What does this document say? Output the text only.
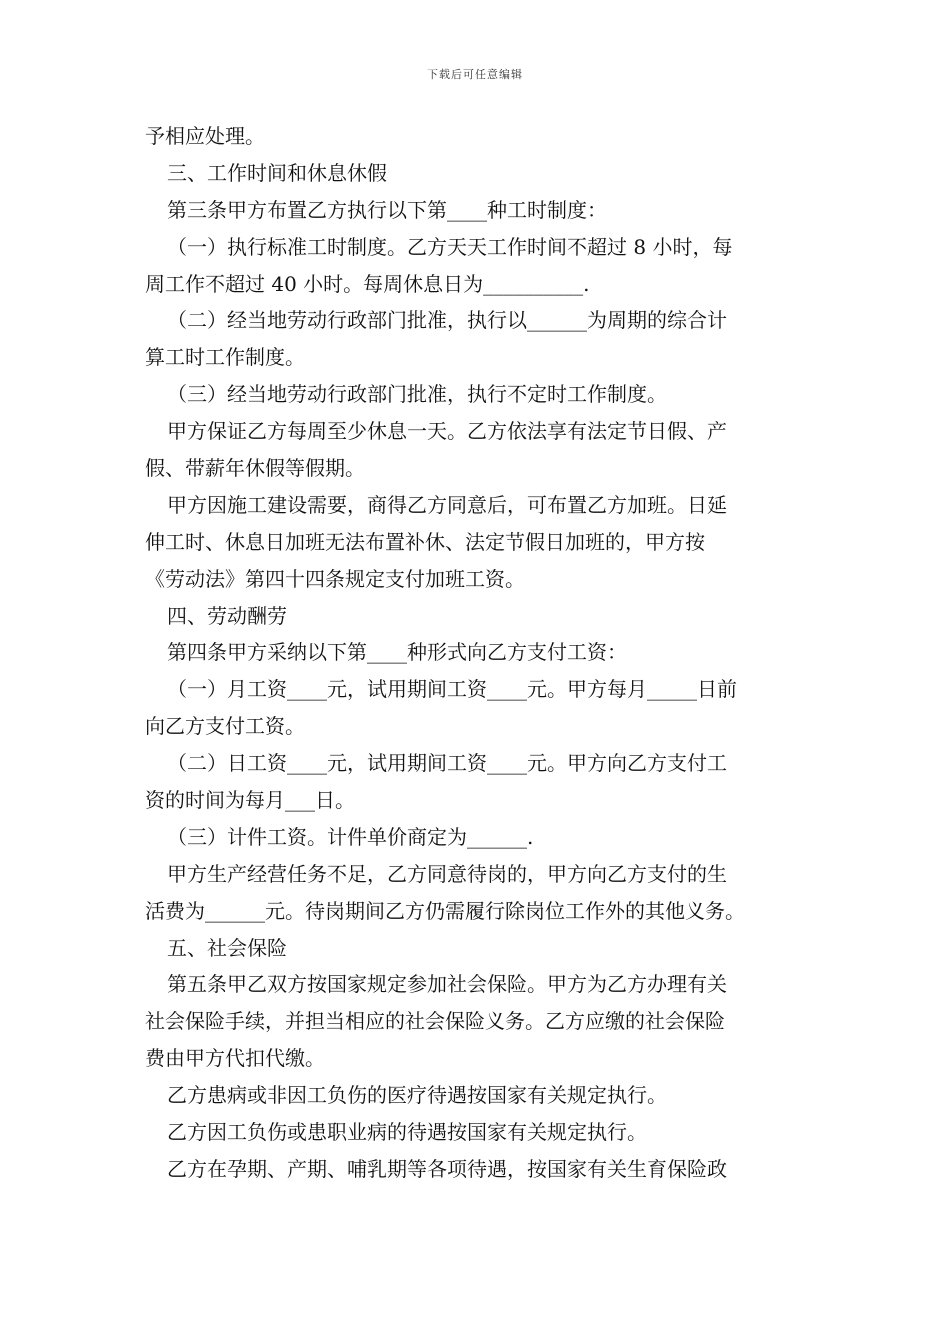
下载后可任意编辑
予相应处理。
三、工作时间和休息休假
第三条甲方布置乙方执行以下第____种工时制度：
（一）执行标准工时制度。乙方天天工作时间不超过 8 小时，每
周工作不超过 40 小时。每周休息日为__________.
（二）经当地劳动行政部门批准，执行以______为周期的综合计
算工时工作制度。
（三）经当地劳动行政部门批准，执行不定时工作制度。
甲方保证乙方每周至少休息一天。乙方依法享有法定节日假、产
假、带薪年休假等假期。
甲方因施工建设需要，商得乙方同意后，可布置乙方加班。日延
伸工时、休息日加班无法布置补休、法定节假日加班的，甲方按
《劳动法》第四十四条规定支付加班工资。
四、劳动酬劳
第四条甲方采纳以下第____种形式向乙方支付工资：
（一）月工资____元，试用期间工资____元。甲方每月_____日前
向乙方支付工资。
（二）日工资____元，试用期间工资____元。甲方向乙方支付工
资的时间为每月___日。
（三）计件工资。计件单价商定为______.
甲方生产经营任务不足，乙方同意待岗的，甲方向乙方支付的生
活费为______元。待岗期间乙方仍需履行除岗位工作外的其他义务。
五、社会保险
第五条甲乙双方按国家规定参加社会保险。甲方为乙方办理有关
社会保险手续，并担当相应的社会保险义务。乙方应缴的社会保险
费由甲方代扣代缴。
乙方患病或非因工负伤的医疗待遇按国家有关规定执行。
乙方因工负伤或患职业病的待遇按国家有关规定执行。
乙方在孕期、产期、哺乳期等各项待遇，按国家有关生育保险政
